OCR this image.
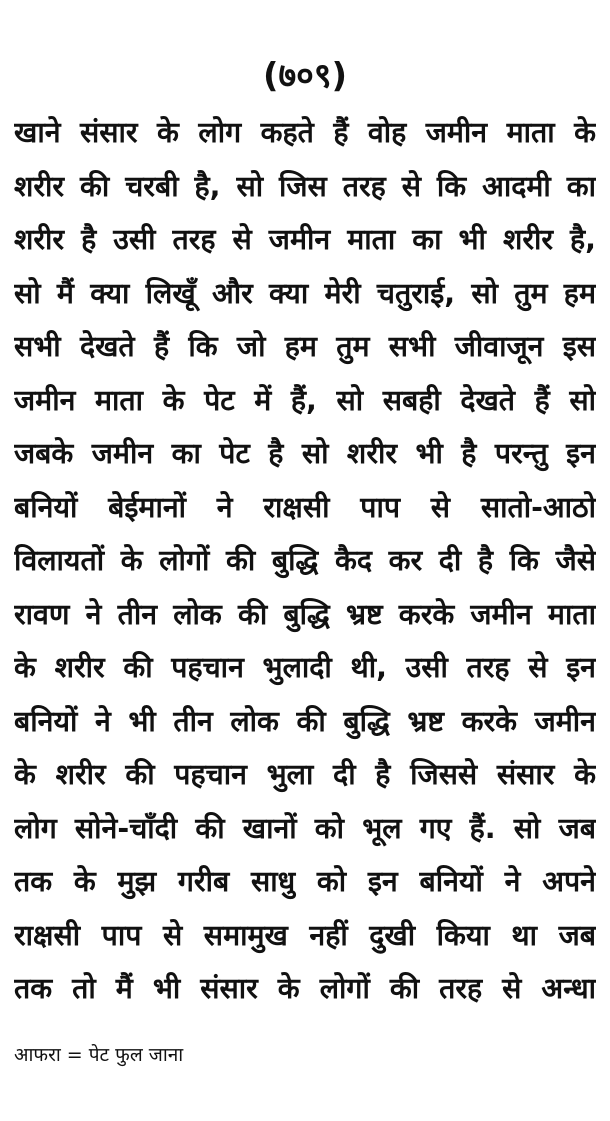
(७०९)
खाने संसार के लोग कहते हैं वोह जमीन माता के
शरीर की चरबी है, सो जिस तरह से कि आदमी का
शरीर है उसी तरह से जमीन माता का भी शरीर है,
सो मैं क्या लिखूँ और क्या मेरी चतुराई, सो तुम हम
सभी देखते हैं कि जो हम तुम सभी जीवाजून इस
जमीन माता के पेट में हैं, सो सबही देखते हैं सो
जबके जमीन का पेट है सो शरीर भी है परन्तु इन
बनियों बेईमानों ने राक्षसी पाप से सातो-आठो
विलायतों के लोगों की बुद्धि कैद कर दी है कि जैसे
रावण ने तीन लोक की बुद्धि भ्रष्ट करके जमीन माता
के शरीर की पहचान भुलादी थी, उसी तरह से इन
बनियों ने भी तीन लोक की बुद्धि भ्रष्ट करके जमीन
के शरीर की पहचान भुला दी है जिससे संसार के
लोग सोने-चाँदी की खानों को भूल गए हैं. सो जब
तक के मुझ गरीब साधु को इन बनियों ने अपने
राक्षसी पाप से समामुख नहीं दुखी किया था जब
तक तो मैं भी संसार के लोगों की तरह से अन्धा
आफरा = पेट फुल जाना
